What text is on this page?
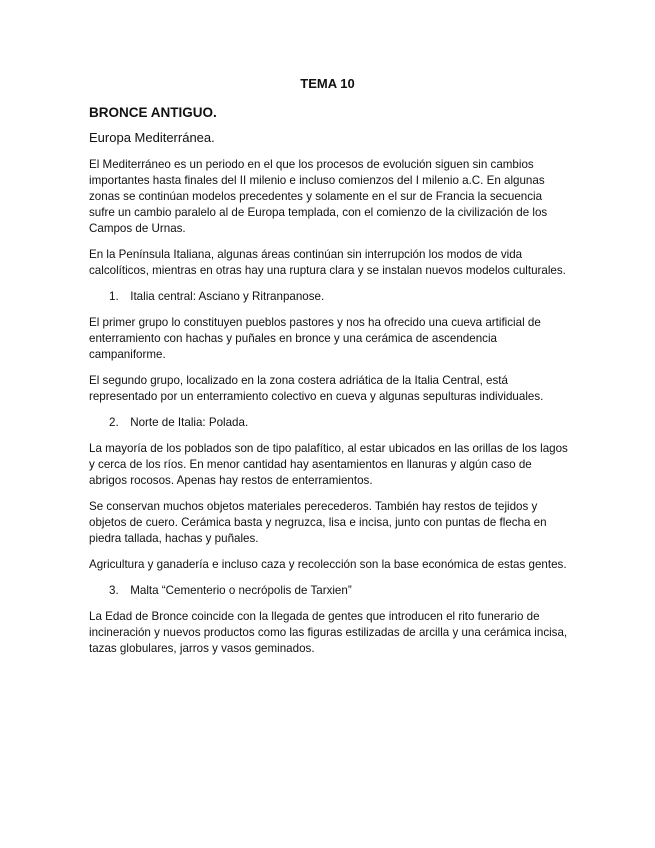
TEMA 10
BRONCE ANTIGUO.
Europa Mediterránea.

El Mediterráneo es un periodo en el que los procesos de evolución siguen sin cambios importantes hasta finales del II milenio e incluso comienzos del I milenio a.C. En algunas zonas se continúan modelos precedentes y solamente en el sur de Francia la secuencia sufre un cambio paralelo al de Europa templada, con el comienzo de la civilización de los Campos de Urnas.

En la Península Italiana, algunas áreas continúan sin interrupción los modos de vida calcolíticos, mientras en otras hay una ruptura clara y se instalan nuevos modelos culturales.

1. Italia central: Asciano y Ritranpanose.

El primer grupo lo constituyen pueblos pastores y nos ha ofrecido una cueva artificial de enterramiento con hachas y puñales en bronce y una cerámica de ascendencia campaniforme.

El segundo grupo, localizado en la zona costera adriática de la Italia Central, está representado por un enterramiento colectivo en cueva y algunas sepulturas individuales.

2. Norte de Italia: Polada.

La mayoría de los poblados son de tipo palafítico, al estar ubicados en las orillas de los lagos y cerca de los ríos. En menor cantidad hay asentamientos en llanuras y algún caso de abrigos rocosos. Apenas hay restos de enterramientos.

Se conservan muchos objetos materiales perecederos. También hay restos de tejidos y objetos de cuero. Cerámica basta y negruzca, lisa e incisa, junto con puntas de flecha en piedra tallada, hachas y puñales.

Agricultura y ganadería e incluso caza y recolección son la base económica de estas gentes.

3. Malta “Cementerio o necrópolis de Tarxien”

La Edad de Bronce coincide con la llegada de gentes que introducen el rito funerario de incineración y nuevos productos como las figuras estilizadas de arcilla y una cerámica incisa, tazas globulares, jarros y vasos geminados.
